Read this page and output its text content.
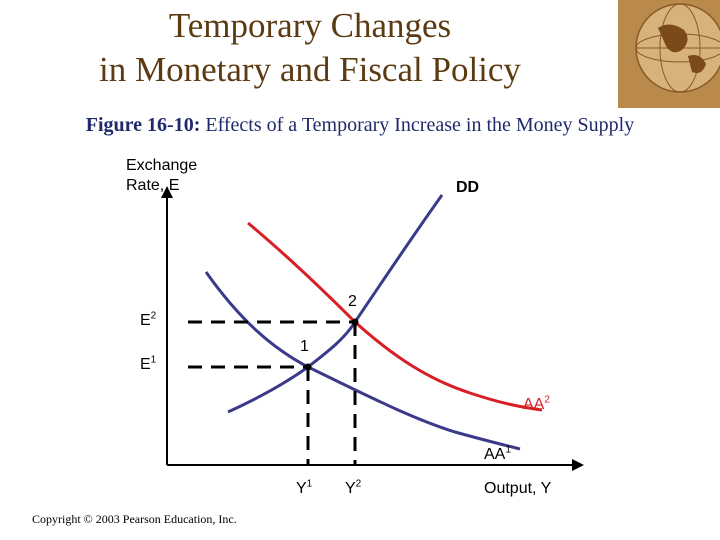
Temporary Changes
in Monetary and Fiscal Policy
Figure 16-10: Effects of a Temporary Increase in the Money Supply
Exchange
Rate, E
Output, Y
DD
$AA^2$
$AA^1$
1
2
$E^2$
$E^1$
$Y^1$ $Y^2$
Copyright © 2003 Pearson Education, Inc.
